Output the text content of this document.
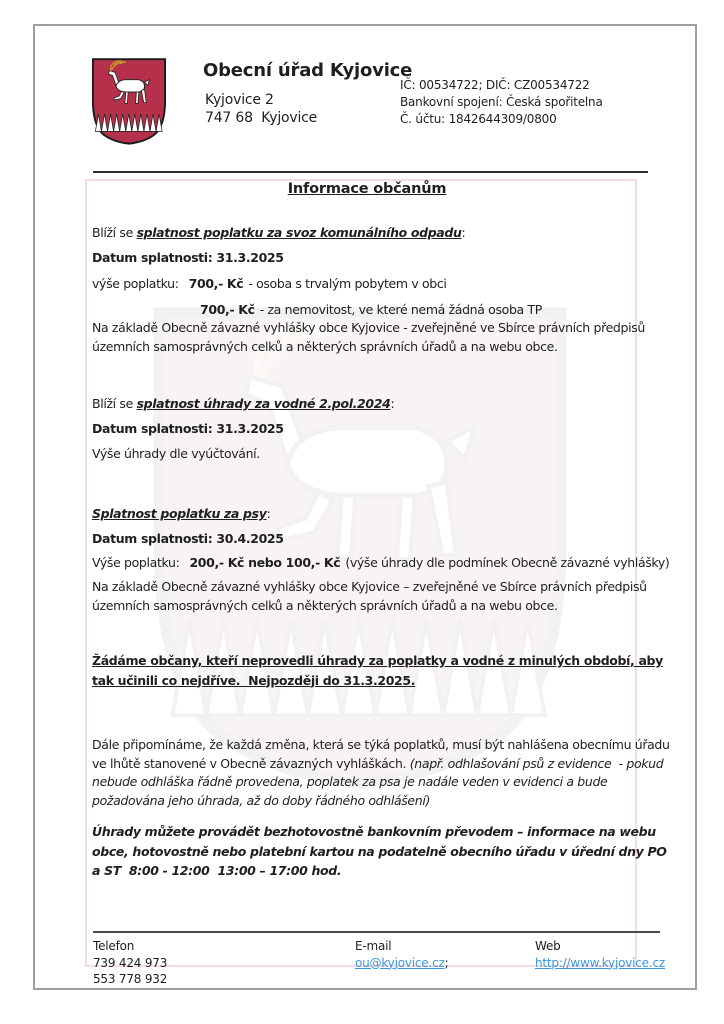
Obecní úřad Kyjovice
Kyjovice 2
747 68  Kyjovice
IČ: 00534722; DIČ: CZ00534722
Bankovní spojení: Česká spořitelna
Č. účtu: 1842644309/0800
Informace občanům
Blíží se splatnost poplatku za svoz komunálního odpadu:
Datum splatnosti: 31.3.2025
výše poplatku: 700,- Kč - osoba s trvalým pobytem v obci
700,- Kč - za nemovitost, ve které nemá žádná osoba TP
Na základě Obecně závazné vyhlášky obce Kyjovice - zveřejněné ve Sbírce právních předpisů územních samosprávných celků a některých správních úřadů a na webu obce.
Blíží se splatnost úhrady za vodné 2.pol.2024:
Datum splatnosti: 31.3.2025
Výše úhrady dle vyúčtování.
Splatnost poplatku za psy:
Datum splatnosti: 30.4.2025
Výše poplatku: 200,- Kč nebo 100,- Kč (výše úhrady dle podmínek Obecně závazné vyhlášky)
Na základě Obecně závazné vyhlášky obce Kyjovice – zveřejněné ve Sbírce právních předpisů územních samosprávných celků a některých správních úřadů a na webu obce.
Žádáme občany, kteří neprovedli úhrady za poplatky a vodné z minulých období, aby tak učinili co nejdříve.  Nejpozději do 31.3.2025.
Dále připomínáme, že každá změna, která se týká poplatků, musí být nahlášena obecnímu úřadu ve lhůtě stanovené v Obecně závazných vyhláškách. (např. odhlašování psů z evidence  - pokud nebude odhláška řádně provedena, poplatek za psa je nadále veden v evidenci a bude požadována jeho úhrada, až do doby řádného odhlášení)
Úhrady můžete provádět bezhotovostně bankovním převodem – informace na webu obce, hotovostně nebo platební kartou na podatelně obecního úřadu v úřední dny PO a ST  8:00 - 12:00  13:00 – 17:00 hod.
Telefon
739 424 973
553 778 932
E-mail
ou@kyjovice.cz;
Web
http://www.kyjovice.cz
